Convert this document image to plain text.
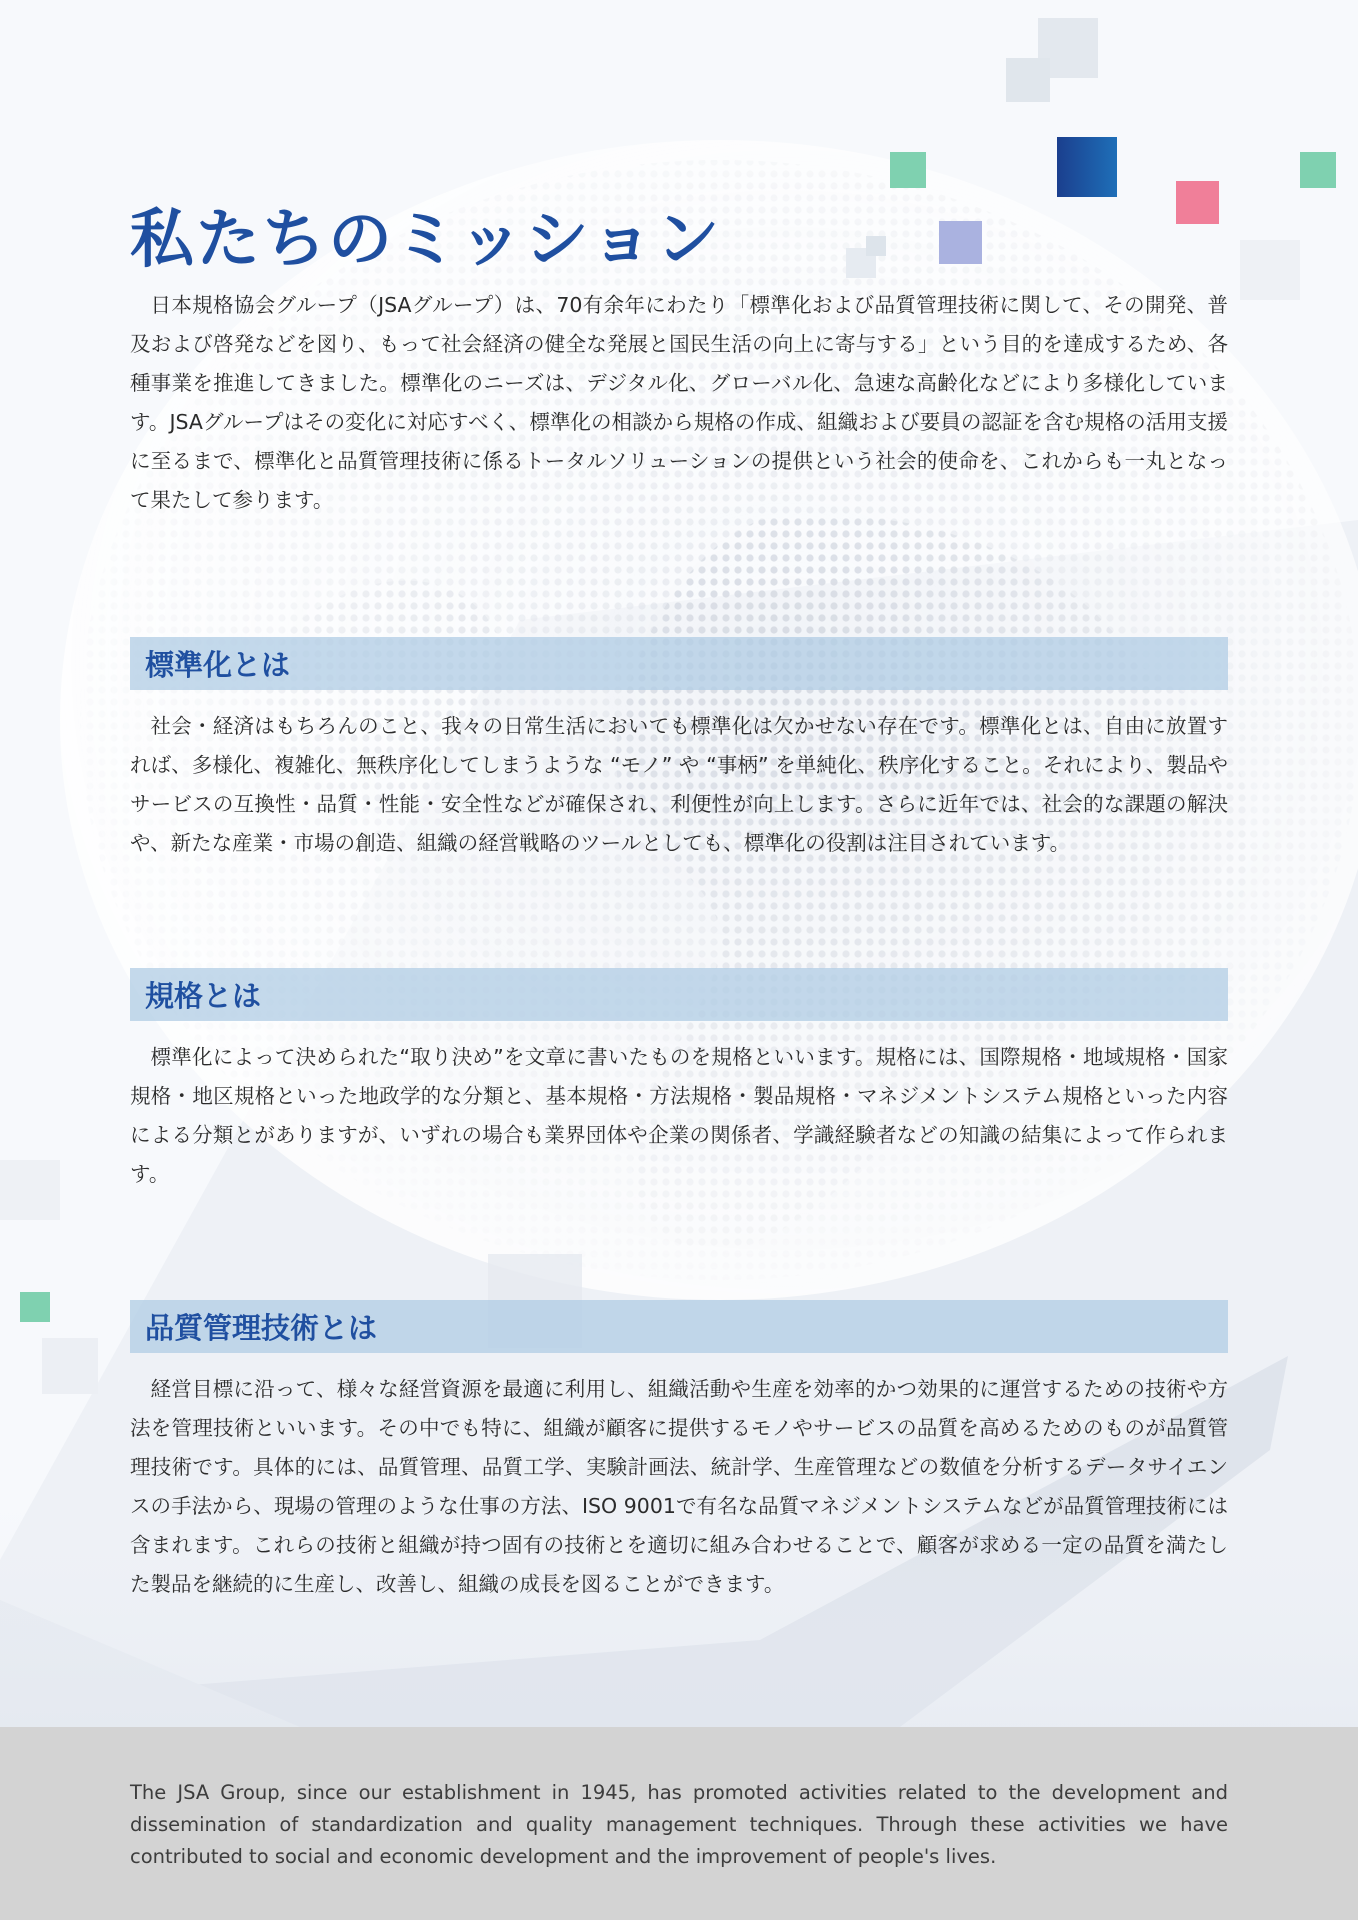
私たちのミッション

日本規格協会グループ（JSAグループ）は、70有余年にわたり「標準化および品質管理技術に関して、その開発、普及および啓発などを図り、もって社会経済の健全な発展と国民生活の向上に寄与する」という目的を達成するため、各種事業を推進してきました。標準化のニーズは、デジタル化、グローバル化、急速な高齢化などにより多様化しています。JSAグループはその変化に対応すべく、標準化の相談から規格の作成、組織および要員の認証を含む規格の活用支援に至るまで、標準化と品質管理技術に係るトータルソリューションの提供という社会的使命を、これからも一丸となって果たして参ります。

標準化とは

社会・経済はもちろんのこと、我々の日常生活においても標準化は欠かせない存在です。標準化とは、自由に放置すれば、多様化、複雑化、無秩序化してしまうような “モノ” や “事柄” を単純化、秩序化すること。それにより、製品やサービスの互換性・品質・性能・安全性などが確保され、利便性が向上します。さらに近年では、社会的な課題の解決や、新たな産業・市場の創造、組織の経営戦略のツールとしても、標準化の役割は注目されています。

規格とは

標準化によって決められた“取り決め”を文章に書いたものを規格といいます。規格には、国際規格・地域規格・国家規格・地区規格といった地政学的な分類と、基本規格・方法規格・製品規格・マネジメントシステム規格といった内容による分類とがありますが、いずれの場合も業界団体や企業の関係者、学識経験者などの知識の結集によって作られます。

品質管理技術とは

経営目標に沿って、様々な経営資源を最適に利用し、組織活動や生産を効率的かつ効果的に運営するための技術や方法を管理技術といいます。その中でも特に、組織が顧客に提供するモノやサービスの品質を高めるためのものが品質管理技術です。具体的には、品質管理、品質工学、実験計画法、統計学、生産管理などの数値を分析するデータサイエンスの手法から、現場の管理のような仕事の方法、ISO 9001で有名な品質マネジメントシステムなどが品質管理技術には含まれます。これらの技術と組織が持つ固有の技術とを適切に組み合わせることで、顧客が求める一定の品質を満たした製品を継続的に生産し、改善し、組織の成長を図ることができます。

The JSA Group, since our establishment in 1945, has promoted activities related to the development and dissemination of standardization and quality management techniques. Through these activities we have contributed to social and economic development and the improvement of people's lives.
